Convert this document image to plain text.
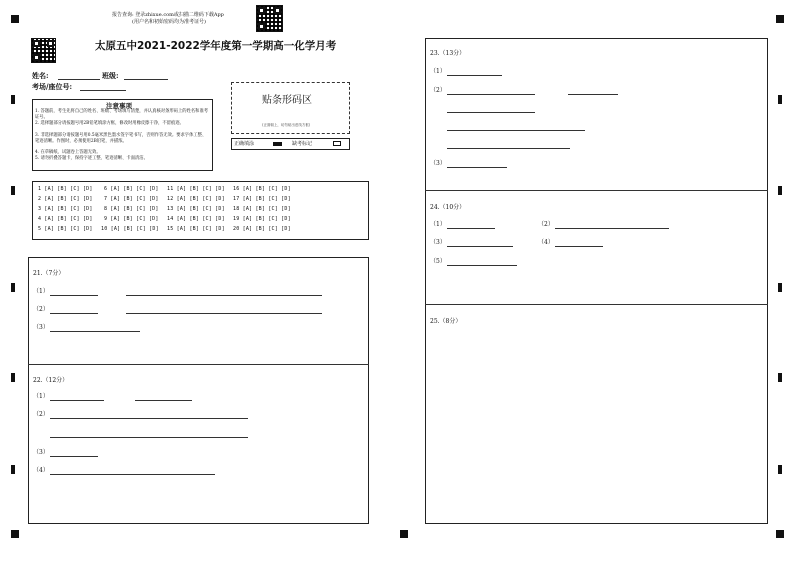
报告查询: 登录zhixue.com或扫描二维码下载App
(用户名和初始密码均为准考证号)
太原五中2021-2022学年度第一学期高一化学月考
姓名:	班级:
考场/座位号:
注意事项
1. 答题前，考生先将自己的姓名、班级、考场填写清楚，并认真核对条形码上的姓名和准考证号。
2. 选择题部分请按题号用2B铅笔填涂方框，修改时用橡皮擦干净，不留痕迹。
3. 非选择题部分请按题号用0.5毫米黑色墨水签字笔书写，否则作答无效。要求字体工整、笔迹清晰。作图时，必须使用2B铅笔，并描浓。
4. 在草稿纸、试题卷上答题无效。
5. 请勿折叠答题卡，保持字迹工整、笔迹清晰、卡面清洁。
贴条形码区
(正面朝上，切勿贴出虚线方框)
正确填涂	缺考标记
1 [A] [B] [C] [D]
2 [A] [B] [C] [D]
3 [A] [B] [C] [D]
4 [A] [B] [C] [D]
5 [A] [B] [C] [D]
6 [A] [B] [C] [D]
7 [A] [B] [C] [D]
8 [A] [B] [C] [D]
9 [A] [B] [C] [D]
10 [A] [B] [C] [D]
11 [A] [B] [C] [D]
12 [A] [B] [C] [D]
13 [A] [B] [C] [D]
14 [A] [B] [C] [D]
15 [A] [B] [C] [D]
16 [A] [B] [C] [D]
17 [A] [B] [C] [D]
18 [A] [B] [C] [D]
19 [A] [B] [C] [D]
20 [A] [B] [C] [D]
21.（7分）
（1）
（2）
（3）
22.（12分）
（1）
（2）
（3）
（4）
23.（13分）
（1）
（2）
（3）
24.（10分）
（1）	（2）
（3）	（4）
（5）
25.（8分）
